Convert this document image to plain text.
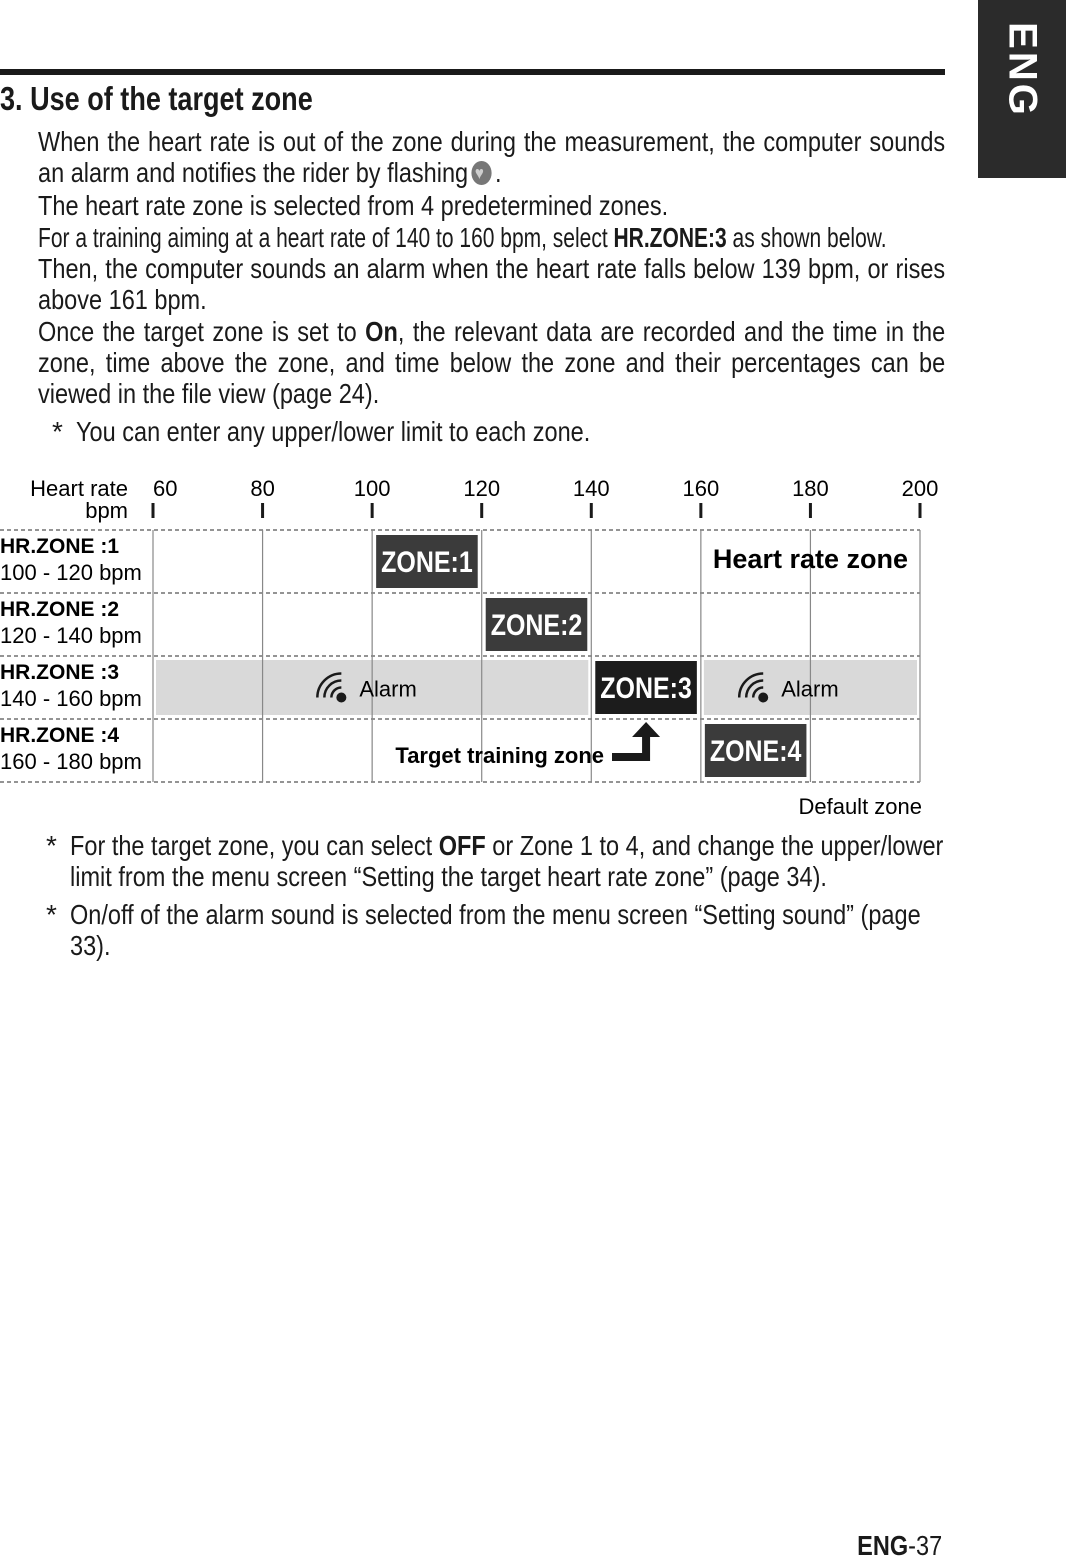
ENG
3. Use of the target zone
When the heart rate is out of the zone during the measurement, the computer sounds an alarm and notifies the rider by flashing♥ .
The heart rate zone is selected from 4 predetermined zones.
For a training aiming at a heart rate of 140 to 160 bpm, select HR.ZONE:3 as shown below.
Then, the computer sounds an alarm when the heart rate falls below 139 bpm, or rises above 161 bpm.
Once the target zone is set to On, the relevant data are recorded and the time in the zone, time above the zone, and time below the zone and their percentages can be viewed in the file view (page 24).
* You can enter any upper/lower limit to each zone.
60	80	100	120	140	160	180	200
Heart rate
bpm
HR.ZONE :1
100 - 120 bpm
HR.ZONE :2
120 - 140 bpm
HR.ZONE :3
140 - 160 bpm
HR.ZONE :4
160 - 180 bpm
Alarm	Alarm
Target training zone
ZONE:1
ZONE:2
ZONE:3
ZONE:4
Heart rate zone
Default zone
* For the target zone, you can select OFF or Zone 1 to 4, and change the upper/lower limit from the menu screen “Setting the target heart rate zone” (page 34).
* On/off of the alarm sound is selected from the menu screen “Setting sound” (page 33).
ENG-37
